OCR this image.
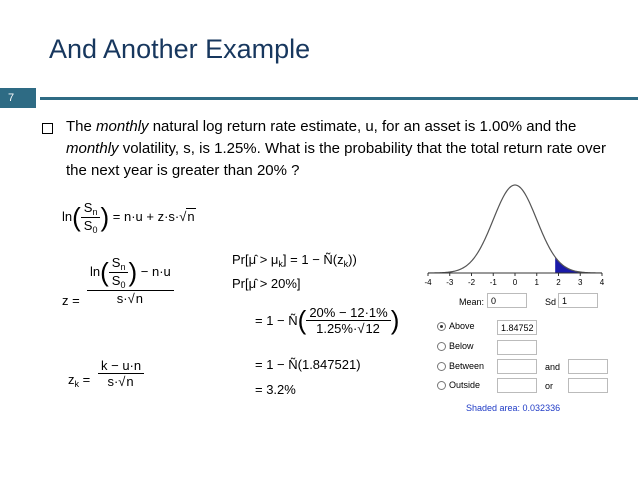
And Another Example
7
The monthly natural log return rate estimate, u, for an asset is 1.00% and the monthly volatility, s, is 1.25%. What is the probability that the total return rate over the next year is greater than 20% ?
$\ln( \frac{S_n}{S_0}$ ) = n·u + z·s·√n
z =
$\ln( \frac{S_n}{S_0}$ ) − n·u
s·√n
$z_k = \frac{k - u\cdot n}{s\cdot√n}$
Pr[μ̂ > $\mu_k] = 1$ − $Ñ(z_k)$)
Pr[μ̂ > 20%]
= 1 − Ñ( $\frac{20\% - 12\cdot 1\%}{1.25\%\cdot√12}$ )
= 1 − Ñ(1.847521)
= 3.2%
-4 -3 -2 -1 0 1 2 3 4
Mean: 0	Sd 1
Above	1.84752
Below
Between	and
Outside	or
Shaded area: 0.032336
